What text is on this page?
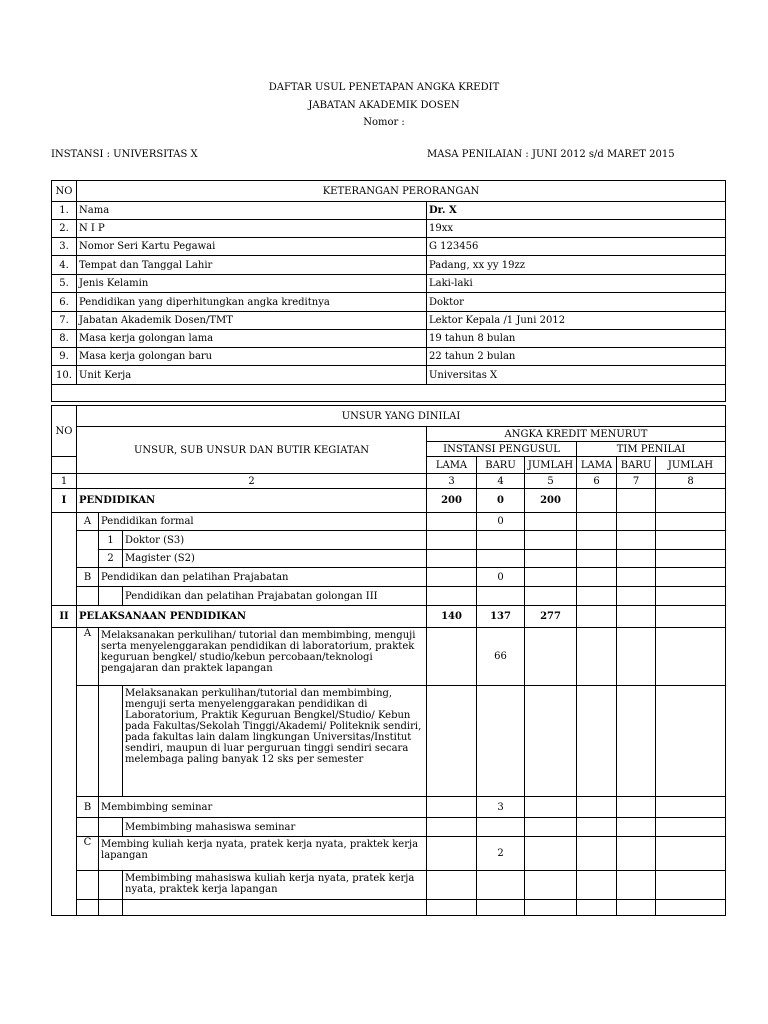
DAFTAR USUL PENETAPAN ANGKA KREDIT
JABATAN AKADEMIK DOSEN
Nomor :
INSTANSI : UNIVERSITAS X	MASA PENILAIAN : JUNI 2012 s/d MARET 2015
NO	KETERANGAN PERORANGAN	
1.	Nama	Dr. X
2.	N I P	19xx
3.	Nomor Seri Kartu Pegawai	G 123456
4.	Tempat dan Tanggal Lahir	Padang, xx yy 19zz
5.	Jenis Kelamin	Laki-laki
6.	Pendidikan yang diperhitungkan angka kreditnya	Doktor
7.	Jabatan Akademik Dosen/TMT	Lektor Kepala /1 Juni 2012
8.	Masa kerja golongan lama	19 tahun 8 bulan
9.	Masa kerja golongan baru	22 tahun 2 bulan
10.	Unit Kerja	Universitas X

NO	UNSUR YANG DINILAI								
	UNSUR, SUB UNSUR DAN BUTIR KEGIATAN			ANGKA KREDIT MENURUT					
				INSTANSI PENGUSUL			TIM PENILAI		
				LAMA	BARU	JUMLAH	LAMA	BARU	JUMLAH
1	2			3	4	5	6	7	8
I	PENDIDIKAN			200	0	200			
	A	Pendidikan formal			0				
		1	Doktor (S3)						
		2	Magister (S2)						
	B	Pendidikan dan pelatihan Prajabatan			0				
			Pendidikan dan pelatihan Prajabatan golongan III						
II	PELAKSANAAN PENDIDIKAN			140	137	277			
	A	Melaksanakan perkulihan/ tutorial dan membimbing, menguji serta menyelenggarakan pendidikan di laboratorium, praktek keguruan bengkel/ studio/kebun percobaan/teknologi pengajaran dan praktek lapangan			66				
			Melaksanakan perkulihan/tutorial dan membimbing, menguji serta menyelenggarakan pendidikan di Laboratorium, Praktik Keguruan Bengkel/Studio/ Kebun pada Fakultas/Sekolah Tinggi/Akademi/ Politeknik sendiri, pada fakultas lain dalam lingkungan Universitas/Institut sendiri, maupun di luar perguruan tinggi sendiri secara melembaga paling banyak 12 sks per semester						
	B	Membimbing seminar			3				
			Membimbing mahasiswa seminar						
	C	Membing kuliah kerja nyata, pratek kerja nyata, praktek kerja lapangan			2				
			Membimbing mahasiswa kuliah kerja nyata, pratek kerja nyata, praktek kerja lapangan						
